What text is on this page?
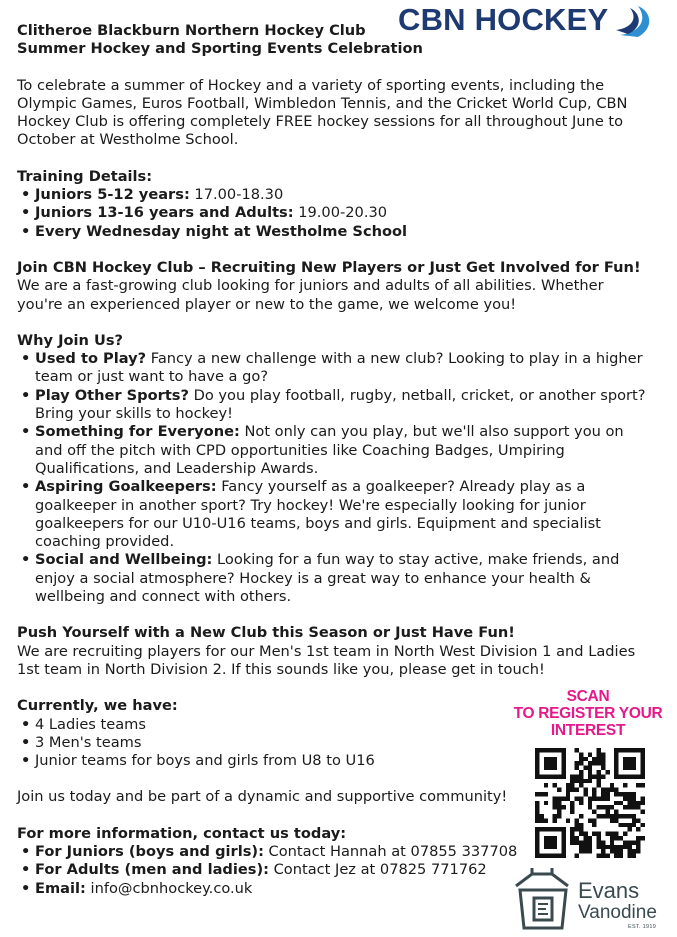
CBN HOCKEY

Clitheroe Blackburn Northern Hockey Club

Summer Hockey and Sporting Events Celebration

To celebrate a summer of Hockey and a variety of sporting events, including the Olympic Games, Euros Football, Wimbledon Tennis, and the Cricket World Cup, CBN Hockey Club is offering completely FREE hockey sessions for all throughout June to October at Westholme School.

Training Details:

• Juniors 5-12 years: 17.00-18.30
• Juniors 13-16 years and Adults: 19.00-20.30
• Every Wednesday night at Westholme School

Join CBN Hockey Club – Recruiting New Players or Just Get Involved for Fun!

We are a fast-growing club looking for juniors and adults of all abilities. Whether you're an experienced player or new to the game, we welcome you!

Why Join Us?

• Used to Play? Fancy a new challenge with a new club? Looking to play in a higher team or just want to have a go?
• Play Other Sports? Do you play football, rugby, netball, cricket, or another sport? Bring your skills to hockey!
• Something for Everyone: Not only can you play, but we'll also support you on and off the pitch with CPD opportunities like Coaching Badges, Umpiring Qualifications, and Leadership Awards.
• Aspiring Goalkeepers: Fancy yourself as a goalkeeper? Already play as a goalkeeper in another sport? Try hockey! We're especially looking for junior goalkeepers for our U10-U16 teams, boys and girls. Equipment and specialist coaching provided.
• Social and Wellbeing: Looking for a fun way to stay active, make friends, and enjoy a social atmosphere? Hockey is a great way to enhance your health & wellbeing and connect with others.

Push Yourself with a New Club this Season or Just Have Fun!

We are recruiting players for our Men's 1st team in North West Division 1 and Ladies 1st team in North Division 2. If this sounds like you, please get in touch!

Currently, we have:

• 4 Ladies teams
• 3 Men's teams
• Junior teams for boys and girls from U8 to U16

Join us today and be part of a dynamic and supportive community!

For more information, contact us today:

• For Juniors (boys and girls): Contact Hannah at 07855 337708
• For Adults (men and ladies): Contact Jez at 07825 771762
• Email: info@cbnhockey.co.uk
SCAN
TO REGISTER YOUR
INTEREST
Evans
Vanodine
EST. 1919
